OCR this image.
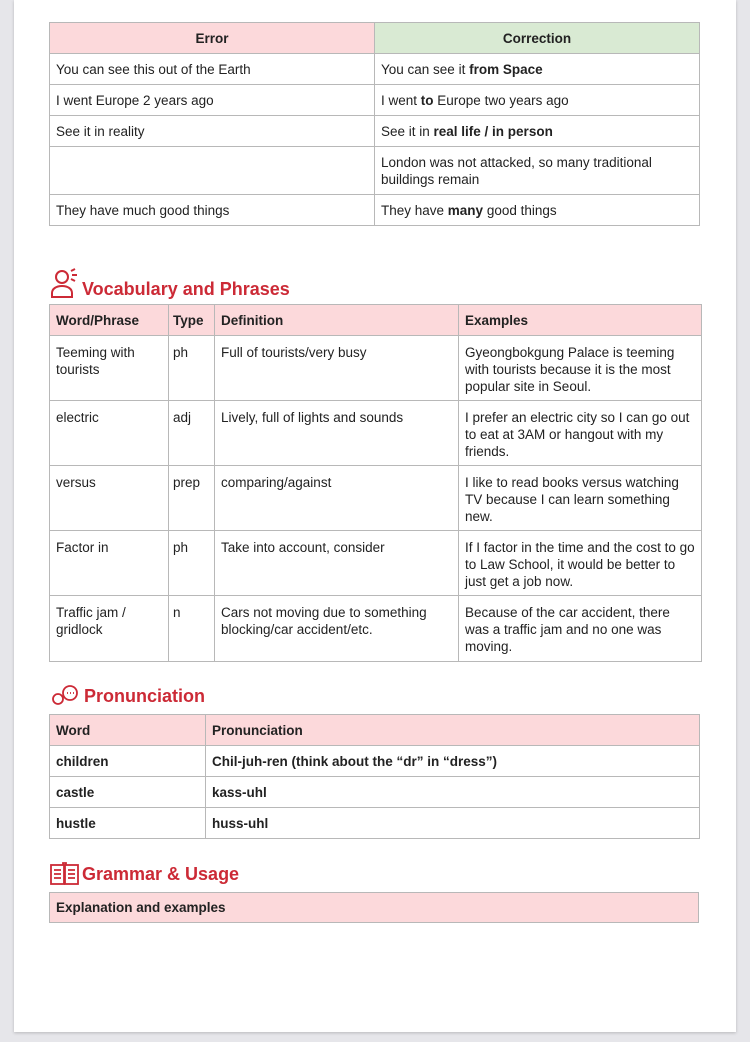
Error	Correction
You can see this out of the Earth	You can see it from Space
I went Europe 2 years ago	I went to Europe two years ago
See it in reality	See it in real life / in person
	London was not attacked, so many traditional buildings remain
They have much good things	They have many good things
Vocabulary and Phrases
Word/Phrase	Type	Definition	Examples
Teeming with tourists	ph	Full of tourists/very busy	Gyeongbokgung Palace is teeming with tourists because it is the most popular site in Seoul.
electric	adj	Lively, full of lights and sounds	I prefer an electric city so I can go out to eat at 3AM or hangout with my friends.
versus	prep	comparing/against	I like to read books versus watching TV because I can learn something new.
Factor in	ph	Take into account, consider	If I factor in the time and the cost to go to Law School, it would be better to just get a job now.
Traffic jam / gridlock	n	Cars not moving due to something blocking/car accident/etc.	Because of the car accident, there was a traffic jam and no one was moving.
Pronunciation
Word	Pronunciation
children	Chil-juh-ren (think about the “dr” in “dress”)
castle	kass-uhl
hustle	huss-uhl
Grammar & Usage
Explanation and examples
